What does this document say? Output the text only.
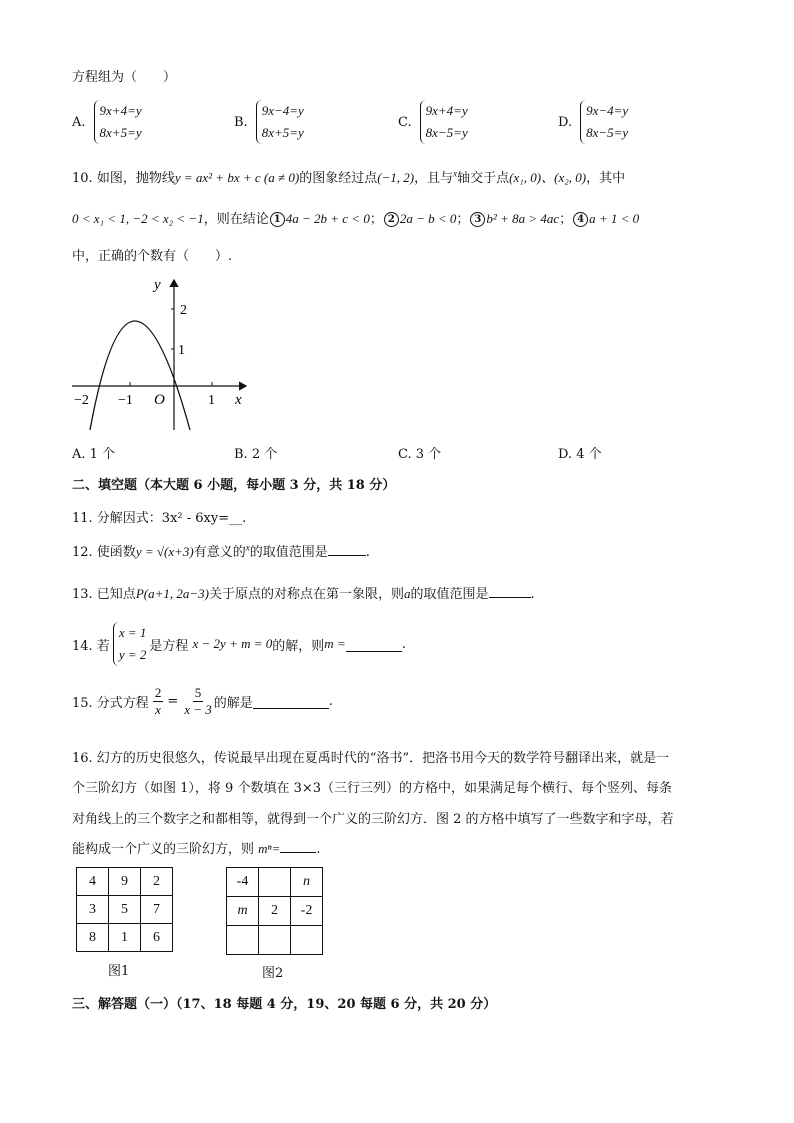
方程组为（　　）
A.
9x+4=y
8x+5=y
B.
9x−4=y
8x+5=y
C.
9x+4=y
8x−5=y
D.
9x−4=y
8x−5=y
10. 如图，抛物线y = ax² + bx + c (a ≠ 0)的图象经过点(−1, 2)，且与$^x$轴交于点(x₁, 0)、(x₂, 0)，其中
0 < x₁ < 1, −2 < x₂ < −1，则在结论 1 4a − 2b + c < 0； 2 2a − b < 0； 3 b² + 8a > 4ac； 4 a + 1 < 0
中，正确的个数有（　　）.
y
2
1
−2 −1 O	1 x
A. 1 个	B. 2 个	C. 3 个	D. 4 个
二、填空题（本大题 6 小题，每小题 3 分，共 18 分）
11. 分解因式：3x² - 6xy=__.
12. 使函数y = √(x+3)有意义的$^x$的取值范围是	.
13. 已知点P(a+1, 2a−3)关于原点的对称点在第一象限，则a的取值范围是	.
14. 若
x = 1
y = 2
是方程
x − 2y + m = 0 的解，则 m =	.
15. 分式方程 $\frac{2}{x} = \frac{5}{x - 3}$ 的解是	.
16. 幻方的历史很悠久，传说最早出现在夏禹时代的“洛书”．把洛书用今天的数学符号翻译出来，就是一
个三阶幻方（如图 1），将 9 个数填在 3×3（三行三列）的方格中，如果满足每个横行、每个竖列、每条
对角线上的三个数字之和都相等，就得到一个广义的三阶幻方．图 2 的方格中填写了一些数字和字母，若
能构成一个广义的三阶幻方，则 mⁿ=	.
4	9	2
3	5	7
8	1	6
图1
-4		n
m	2	-2

图2
三、解答题（一）（17、18 每题 4 分，19、20 每题 6 分，共 20 分）
